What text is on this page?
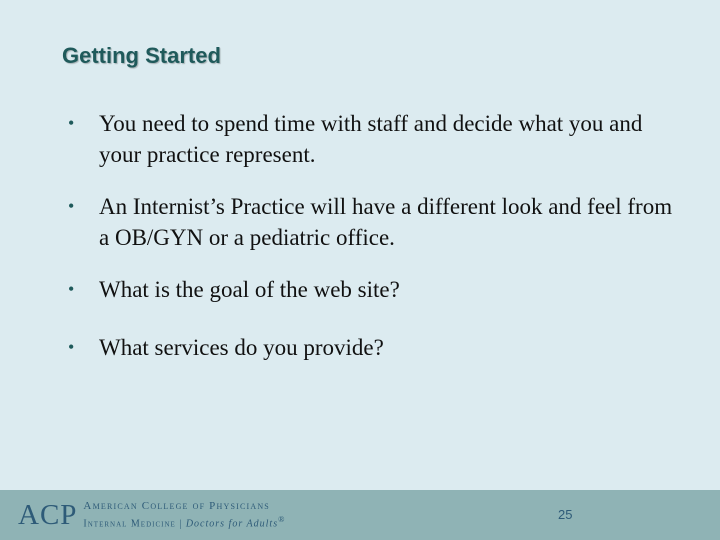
Getting Started
• You need to spend time with staff and decide what you and your practice represent.
• An Internist’s Practice will have a different look and feel from a OB/GYN or a pediatric office.
• What is the goal of the web site?
• What services do you provide?
ACP American College of Physicians
Internal Medicine | Doctors for Adults®	25
